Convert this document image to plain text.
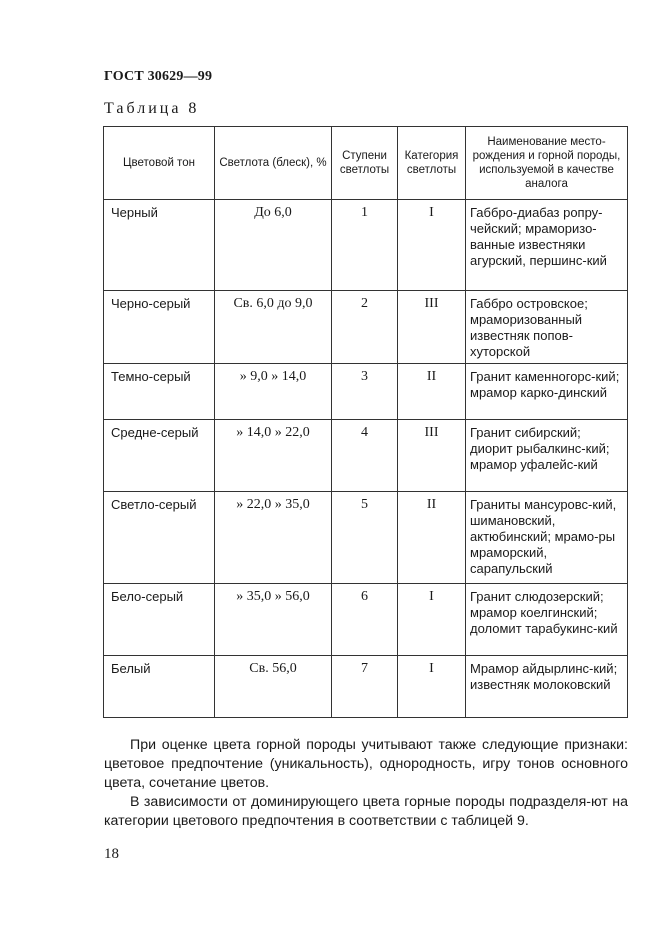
ГОСТ 30629—99
Таблица 8
Цветовой тон	Светлота (блеск), %	Ступени светлоты	Категория светлоты	Наименование место-рождения и горной породы, используемой в качестве аналога
Черный	До 6,0	1	I	Габбро-диабаз ропру-чейский; мраморизо-ванные известняки агурский, першинс-кий
Черно-серый	Св. 6,0 до 9,0	2	III	Габбро островское; мраморизованный известняк попов-хуторской
Темно-серый	» 9,0 » 14,0	3	II	Гранит каменногорс-кий; мрамор карко-динский
Средне-серый	» 14,0 » 22,0	4	III	Гранит сибирский; диорит рыбалкинс-кий; мрамор уфалейс-кий
Светло-серый	» 22,0 » 35,0	5	II	Граниты мансуровс-кий, шимановский, актюбинский; мрамо-ры мраморский, сарапульский
Бело-серый	» 35,0 » 56,0	6	I	Гранит слюдозерский; мрамор коелгинский; доломит тарабукинс-кий
Белый	Св. 56,0	7	I	Мрамор айдырлинс-кий; известняк молоковский

При оценке цвета горной породы учитывают также следующие признаки: цветовое предпочтение (уникальность), однородность, игру тонов основного цвета, сочетание цветов.

В зависимости от доминирующего цвета горные породы подразделя-ют на категории цветового предпочтения в соответствии с таблицей 9.

18
